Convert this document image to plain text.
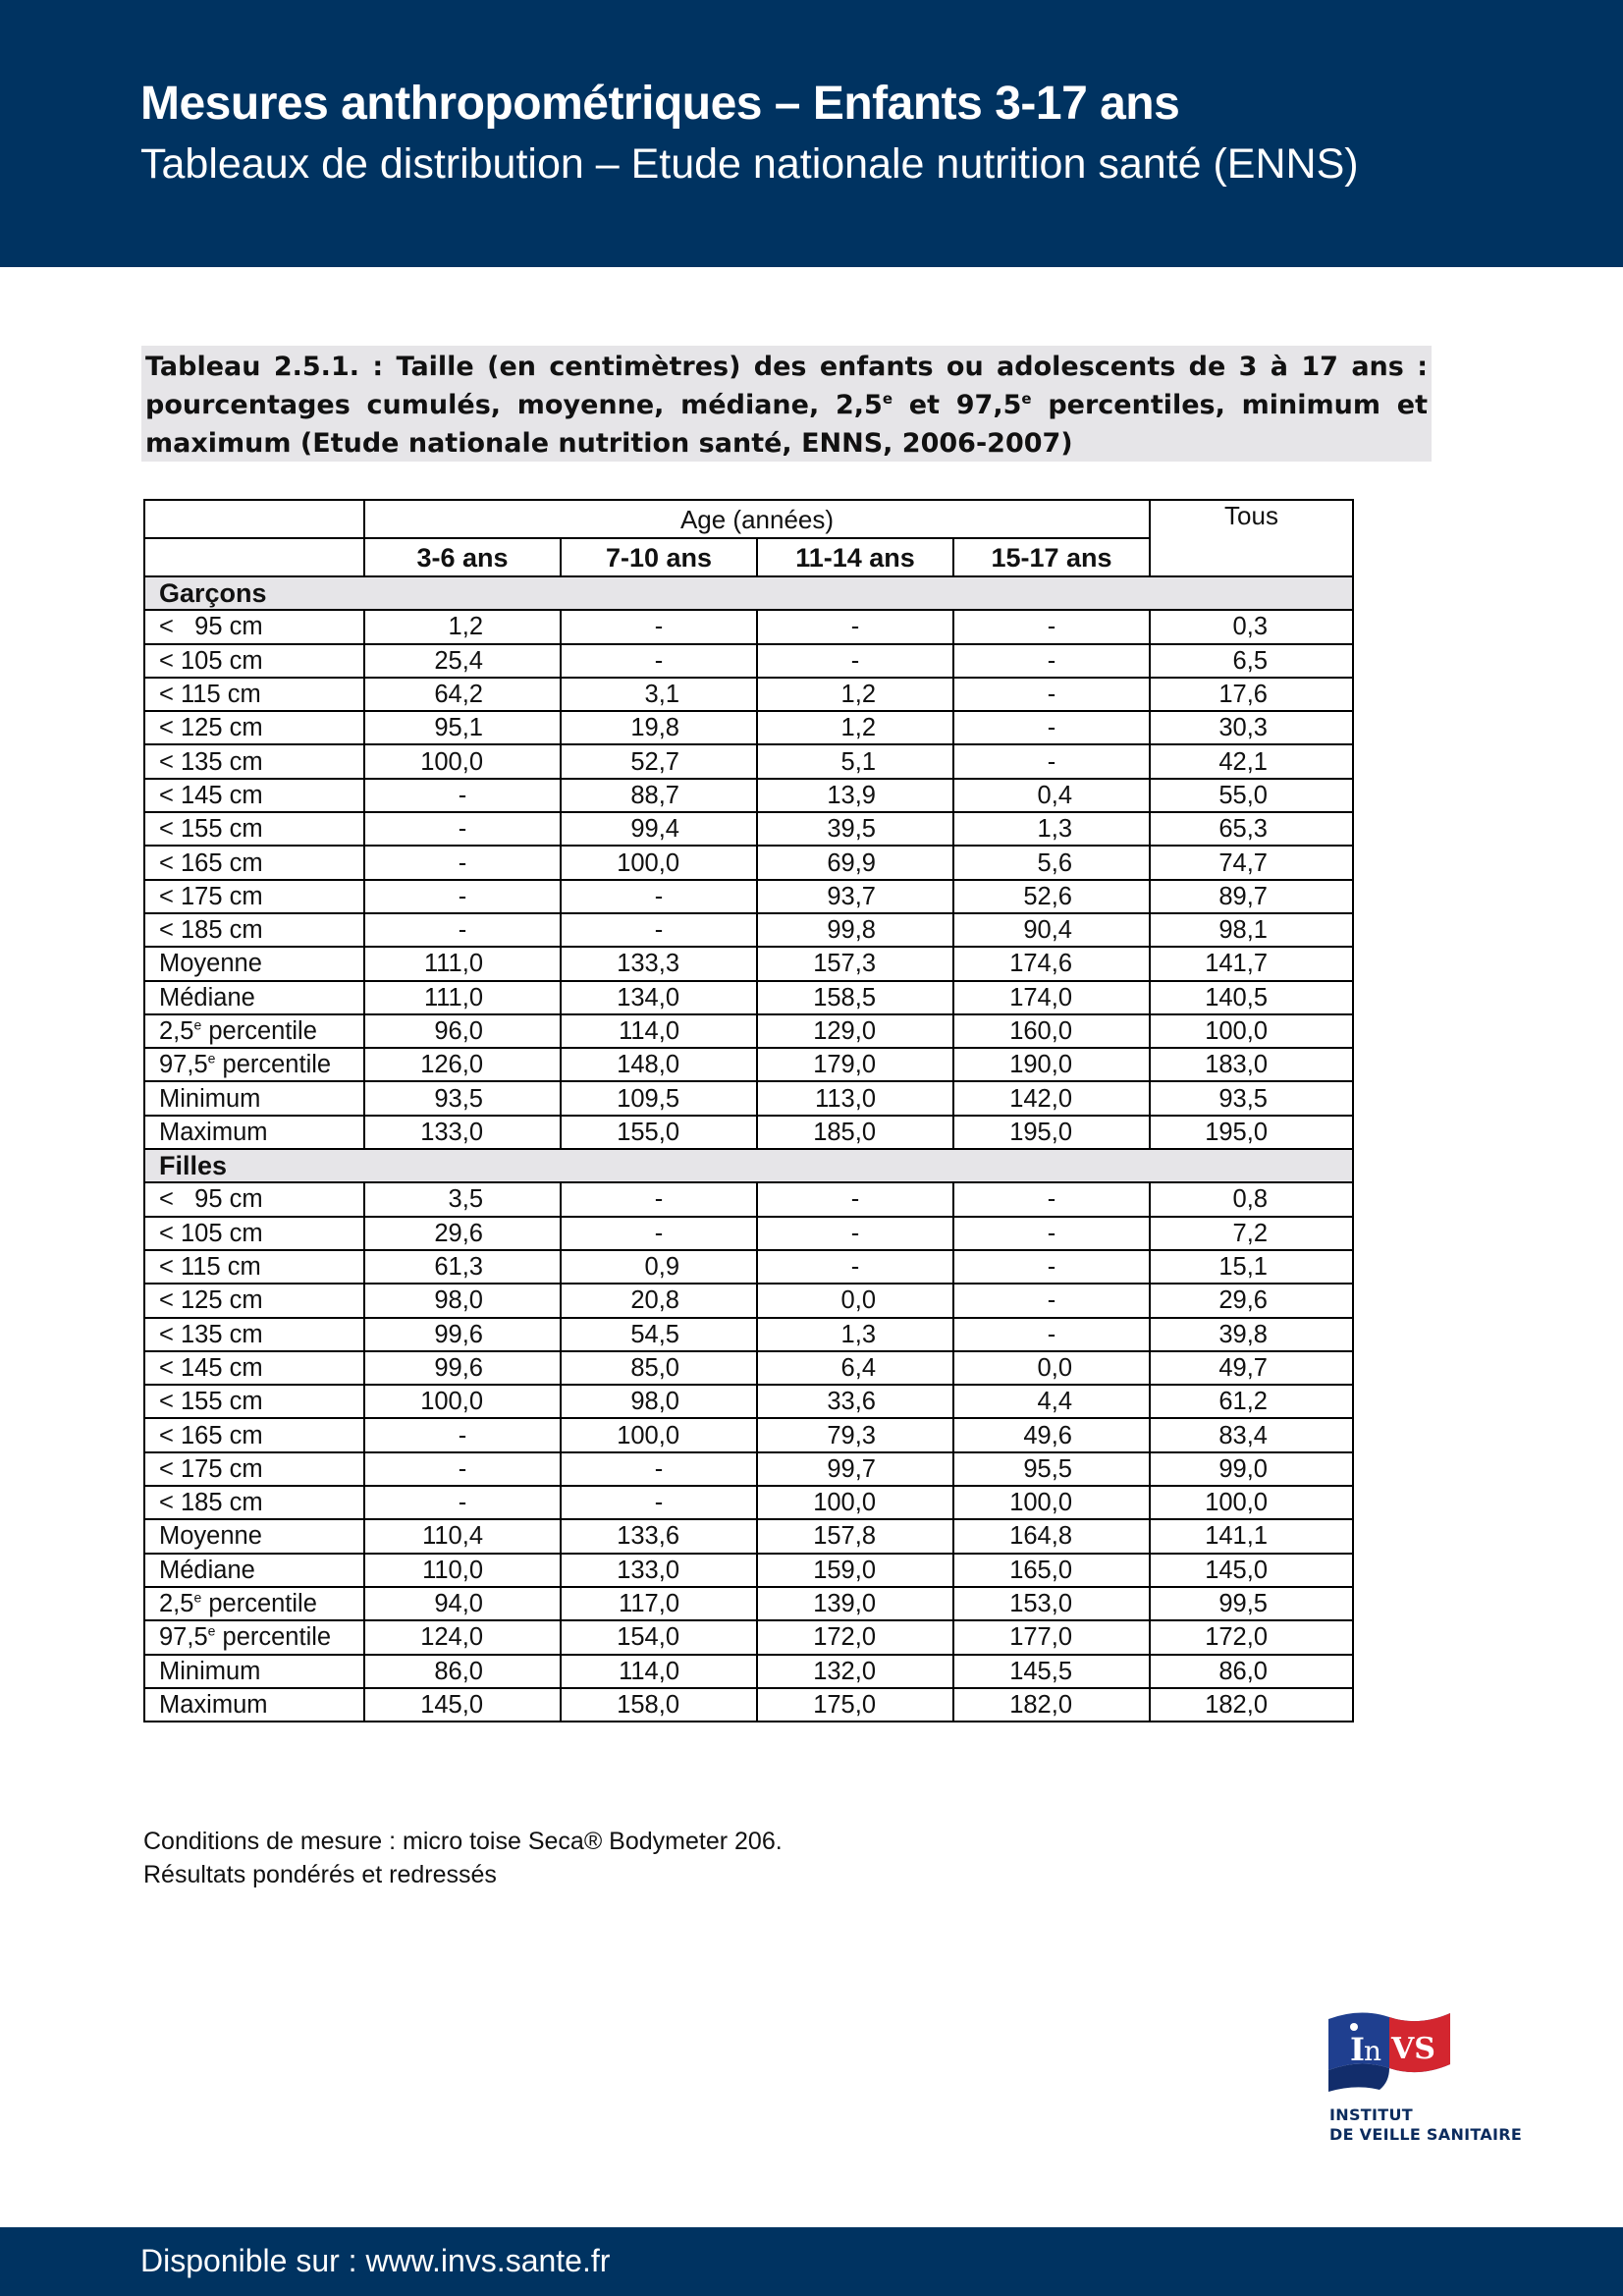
Mesures anthropométriques – Enfants 3-17 ans
Tableaux de distribution – Etude nationale nutrition santé (ENNS)
Tableau 2.5.1. : Taille (en centimètres) des enfants ou adolescents de 3 à 17 ans : pourcentages cumulés, moyenne, médiane, 2,5e et 97,5e percentiles, minimum et maximum (Etude nationale nutrition santé, ENNS, 2006-2007)
	Age (années)				Tous
	3-6 ans	7-10 ans	11-14 ans	15-17 ans	
Garçons					
<   95 cm	1,2	-	-	-	0,3
< 105 cm	25,4	-	-	-	6,5
< 115 cm	64,2	3,1	1,2	-	17,6
< 125 cm	95,1	19,8	1,2	-	30,3
< 135 cm	100,0	52,7	5,1	-	42,1
< 145 cm	-	88,7	13,9	0,4	55,0
< 155 cm	-	99,4	39,5	1,3	65,3
< 165 cm	-	100,0	69,9	5,6	74,7
< 175 cm	-	-	93,7	52,6	89,7
< 185 cm	-	-	99,8	90,4	98,1
Moyenne	111,0	133,3	157,3	174,6	141,7
Médiane	111,0	134,0	158,5	174,0	140,5
2,5e percentile	96,0	114,0	129,0	160,0	100,0
97,5e percentile	126,0	148,0	179,0	190,0	183,0
Minimum	93,5	109,5	113,0	142,0	93,5
Maximum	133,0	155,0	185,0	195,0	195,0
Filles					
<   95 cm	3,5	-	-	-	0,8
< 105 cm	29,6	-	-	-	7,2
< 115 cm	61,3	0,9	-	-	15,1
< 125 cm	98,0	20,8	0,0	-	29,6
< 135 cm	99,6	54,5	1,3	-	39,8
< 145 cm	99,6	85,0	6,4	0,0	49,7
< 155 cm	100,0	98,0	33,6	4,4	61,2
< 165 cm	-	100,0	79,3	49,6	83,4
< 175 cm	-	-	99,7	95,5	99,0
< 185 cm	-	-	100,0	100,0	100,0
Moyenne	110,4	133,6	157,8	164,8	141,1
Médiane	110,0	133,0	159,0	165,0	145,0
2,5e percentile	94,0	117,0	139,0	153,0	99,5
97,5e percentile	124,0	154,0	172,0	177,0	172,0
Minimum	86,0	114,0	132,0	145,5	86,0
Maximum	145,0	158,0	175,0	182,0	182,0
Conditions de mesure : micro toise Seca® Bodymeter 206.
Résultats pondérés et redressés
I n VS
INSTITUT
DE VEILLE SANITAIRE
Disponible sur : www.invs.sante.fr
